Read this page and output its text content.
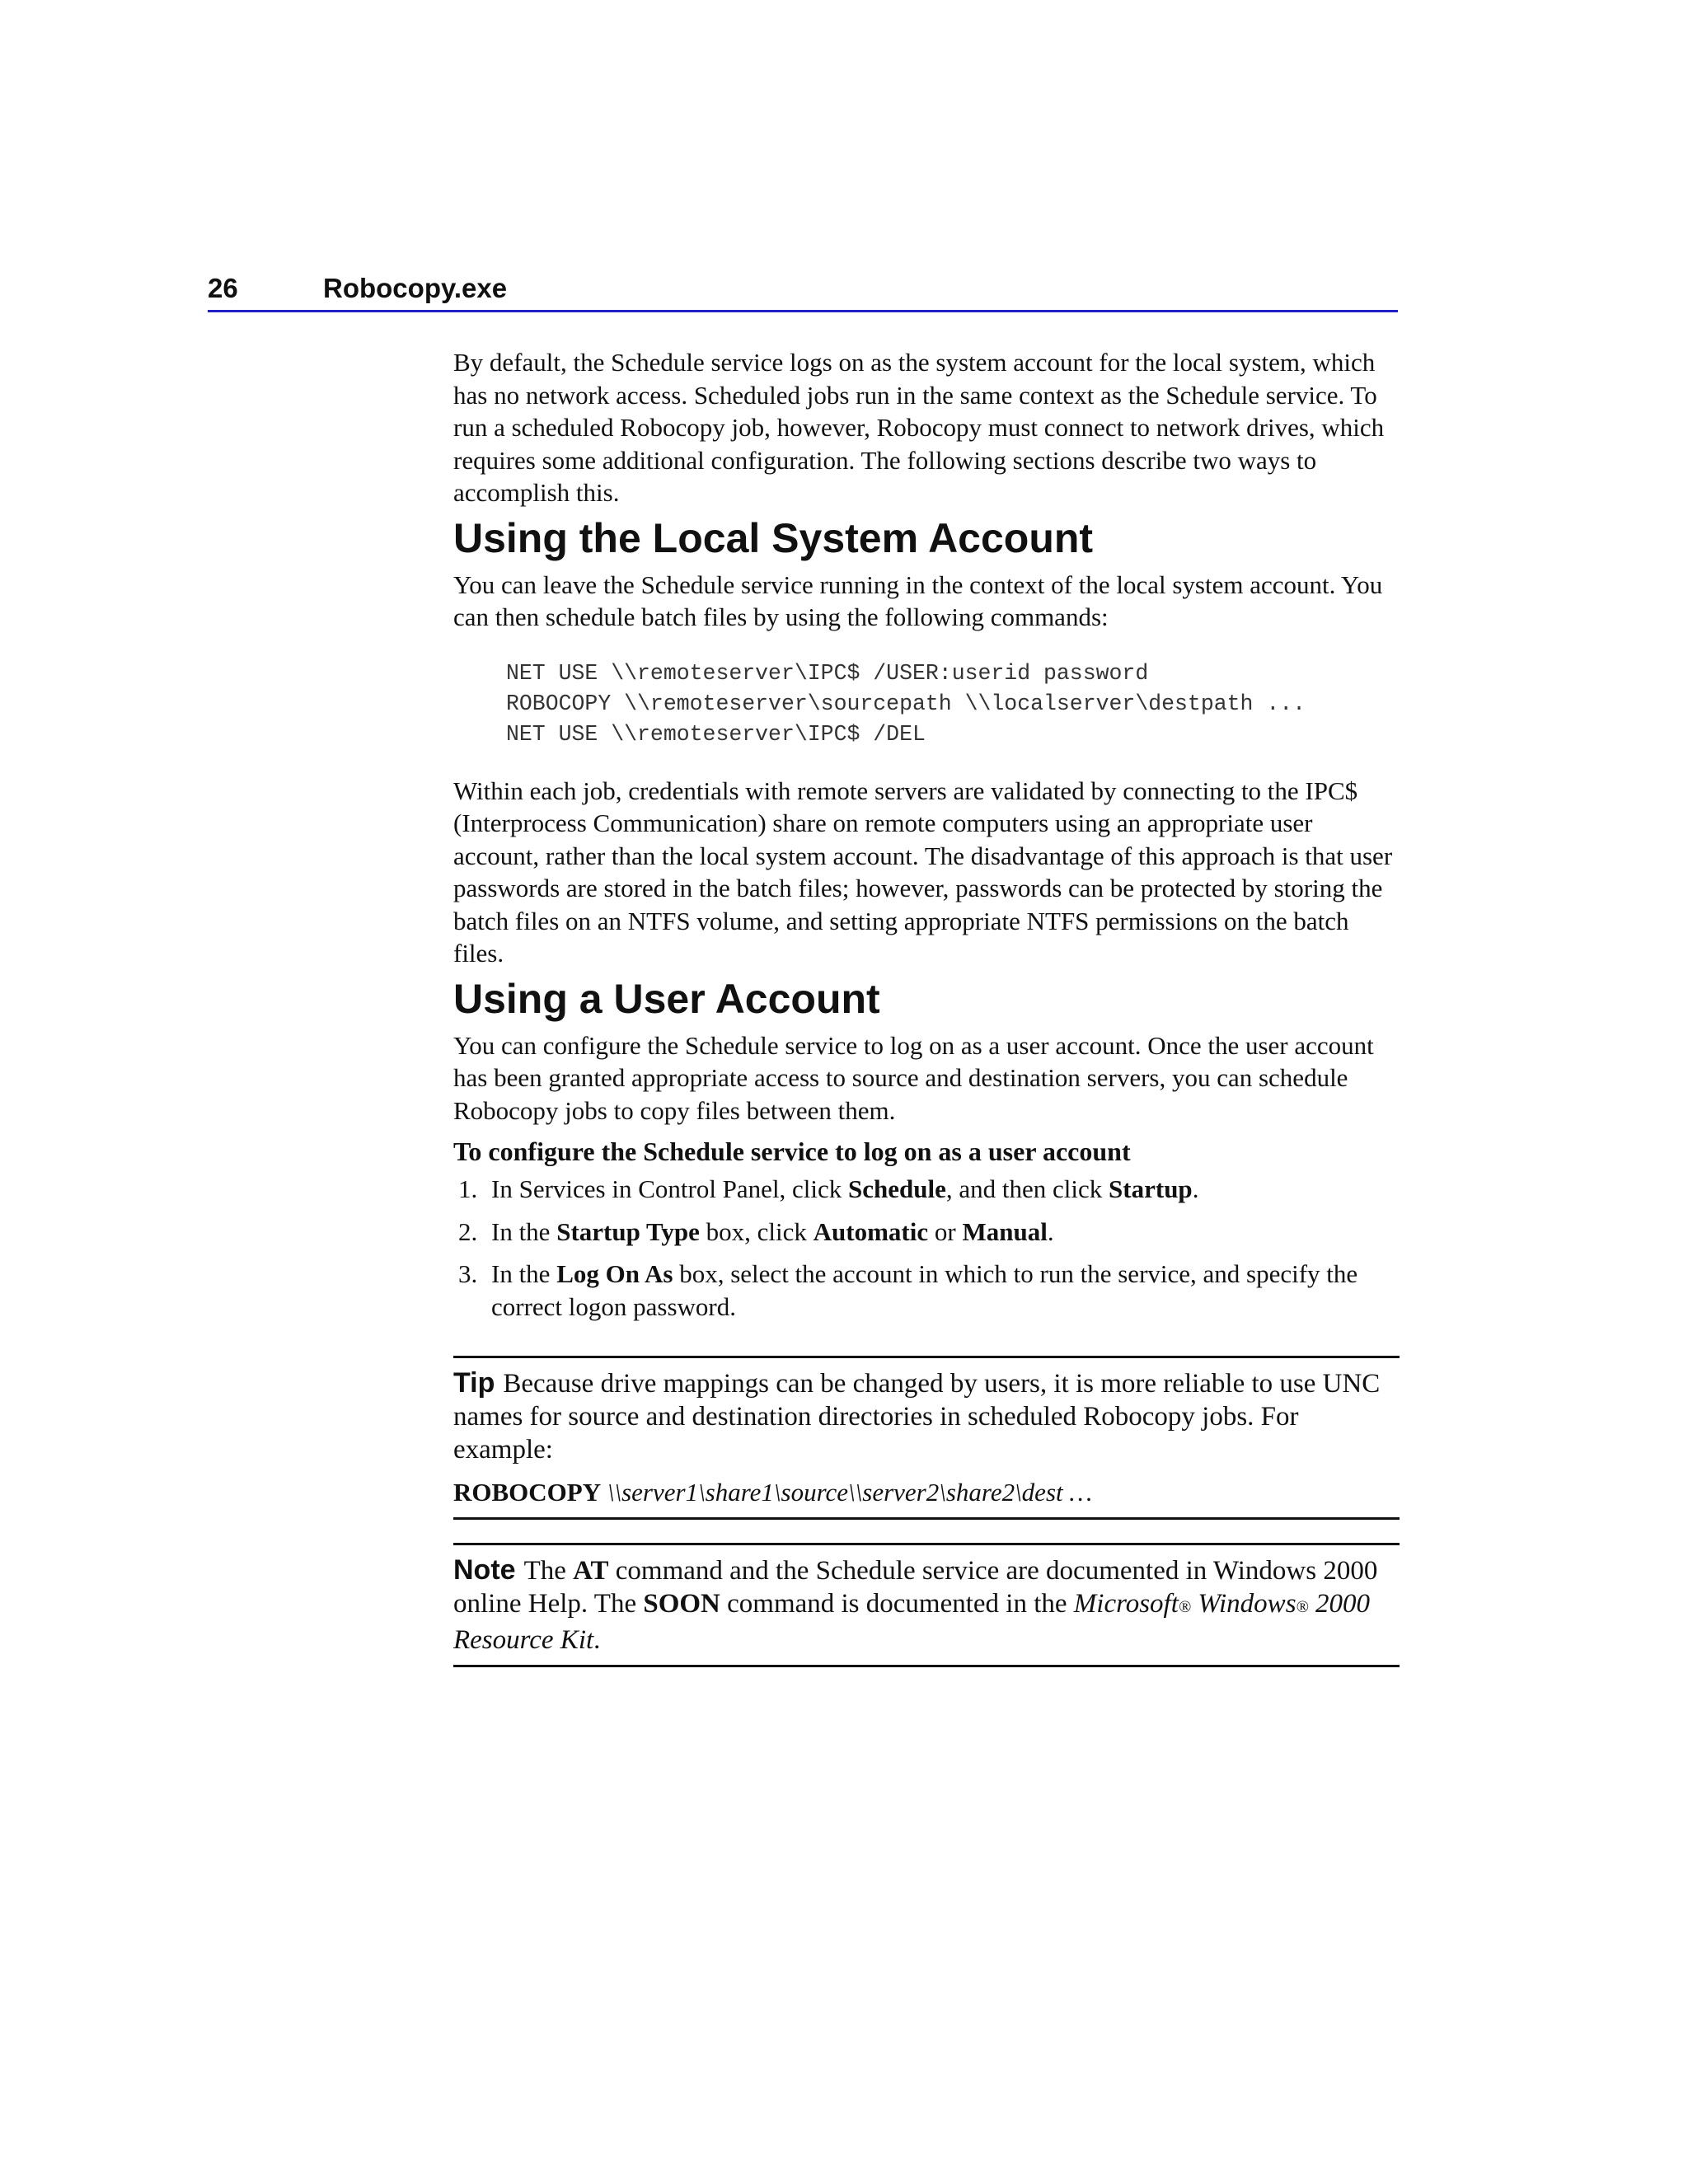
26	Robocopy.exe

By default, the Schedule service logs on as the system account for the local system, which has no network access. Scheduled jobs run in the same context as the Schedule service. To run a scheduled Robocopy job, however, Robocopy must connect to network drives, which requires some additional configuration. The following sections describe two ways to accomplish this.

Using the Local System Account

You can leave the Schedule service running in the context of the local system account. You can then schedule batch files by using the following commands:

NET USE \\remoteserver\IPC$ /USER:userid password
ROBOCOPY \\remoteserver\sourcepath \\localserver\destpath ...
NET USE \\remoteserver\IPC$ /DEL

Within each job, credentials with remote servers are validated by connecting to the IPC$ (Interprocess Communication) share on remote computers using an appropriate user account, rather than the local system account. The disadvantage of this approach is that user passwords are stored in the batch files; however, passwords can be protected by storing the batch files on an NTFS volume, and setting appropriate NTFS permissions on the batch files.

Using a User Account

You can configure the Schedule service to log on as a user account. Once the user account has been granted appropriate access to source and destination servers, you can schedule Robocopy jobs to copy files between them.

To configure the Schedule service to log on as a user account

1. In Services in Control Panel, click Schedule, and then click Startup.
2. In the Startup Type box, click Automatic or Manual.
3. In the Log On As box, select the account in which to run the service, and specify the correct logon password.

Tip Because drive mappings can be changed by users, it is more reliable to use UNC names for source and destination directories in scheduled Robocopy jobs. For example:

ROBOCOPY \\server1\share1\source\\server2\share2\dest …

Note The AT command and the Schedule service are documented in Windows 2000 online Help. The SOON command is documented in the Microsoft® Windows® 2000 Resource Kit.
